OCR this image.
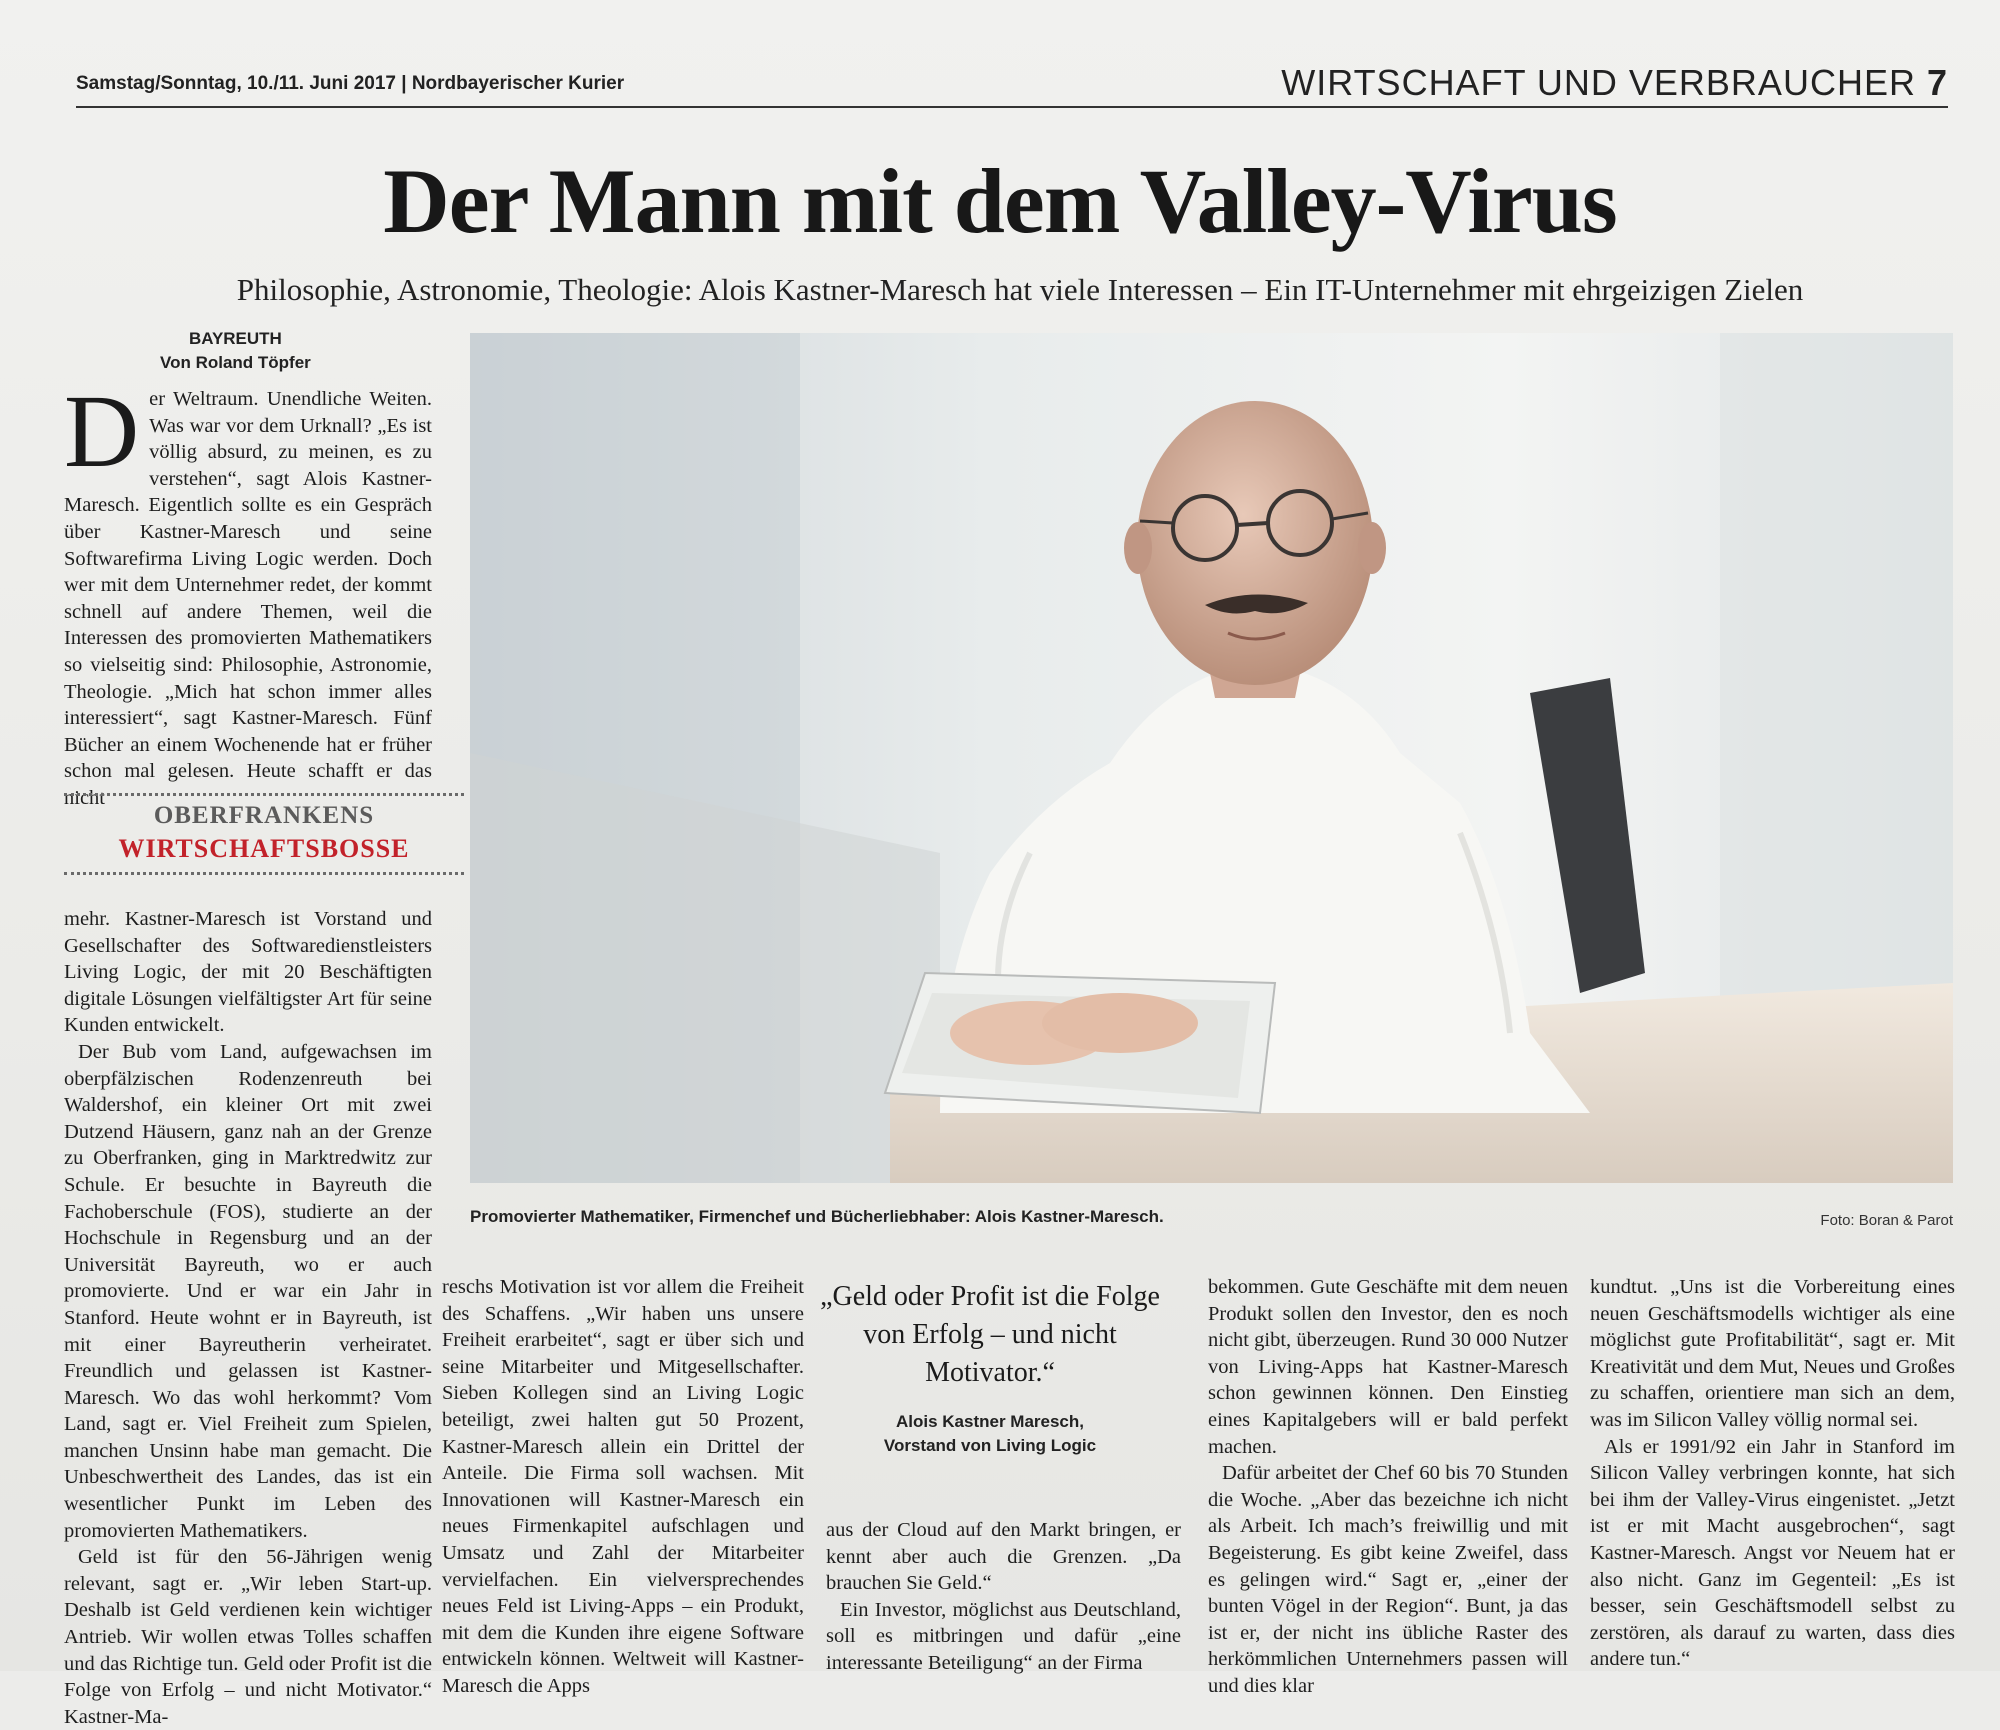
Samstag/Sonntag, 10./11. Juni 2017 | Nordbayerischer Kurier	WIRTSCHAFT UND VERBRAUCHER 7
Der Mann mit dem Valley-Virus
Philosophie, Astronomie, Theologie: Alois Kastner-Maresch hat viele Interessen – Ein IT-Unternehmer mit ehrgeizigen Zielen
BAYREUTH
Von Roland Töpfer
Der Weltraum. Unendliche Weiten. Was war vor dem Urknall? „Es ist völlig absurd, zu meinen, es zu verstehen“, sagt Alois Kastner-Maresch. Eigentlich sollte es ein Gespräch über Kastner-Maresch und seine Softwarefirma Living Logic werden. Doch wer mit dem Unternehmer redet, der kommt schnell auf andere Themen, weil die Interessen des promovierten Mathematikers so vielseitig sind: Philosophie, Astronomie, Theologie. „Mich hat schon immer alles interessiert“, sagt Kastner-Maresch. Fünf Bücher an einem Wochenende hat er früher schon mal gelesen. Heute schafft er das nicht
OBERFRANKENS
WIRTSCHAFTSBOSSE

mehr. Kastner-Maresch ist Vorstand und Gesellschafter des Softwaredienstleisters Living Logic, der mit 20 Beschäftigten digitale Lösungen vielfältigster Art für seine Kunden entwickelt.

Der Bub vom Land, aufgewachsen im oberpfälzischen Rodenzenreuth bei Waldershof, ein kleiner Ort mit zwei Dutzend Häusern, ganz nah an der Grenze zu Oberfranken, ging in Marktredwitz zur Schule. Er besuchte in Bayreuth die Fachoberschule (FOS), studierte an der Hochschule in Regensburg und an der Universität Bayreuth, wo er auch promovierte. Und er war ein Jahr in Stanford. Heute wohnt er in Bayreuth, ist mit einer Bayreutherin verheiratet. Freundlich und gelassen ist Kastner-Maresch. Wo das wohl herkommt? Vom Land, sagt er. Viel Freiheit zum Spielen, manchen Unsinn habe man gemacht. Die Unbeschwertheit des Landes, das ist ein wesentlicher Punkt im Leben des promovierten Mathematikers.

Geld ist für den 56-Jährigen wenig relevant, sagt er. „Wir leben Start-up. Deshalb ist Geld verdienen kein wichtiger Antrieb. Wir wollen etwas Tolles schaffen und das Richtige tun. Geld oder Profit ist die Folge von Erfolg – und nicht Motivator.“ Kastner-Ma-

Promovierter Mathematiker, Firmenchef und Bücherliebhaber: Alois Kastner-Maresch.	Foto: Boran & Parot

reschs Motivation ist vor allem die Freiheit des Schaffens. „Wir haben uns unsere Freiheit erarbeitet“, sagt er über sich und seine Mitarbeiter und Mitgesellschafter. Sieben Kollegen sind an Living Logic beteiligt, zwei halten gut 50 Prozent, Kastner-Maresch allein ein Drittel der Anteile. Die Firma soll wachsen. Mit Innovationen will Kastner-Maresch ein neues Firmenkapitel aufschlagen und Umsatz und Zahl der Mitarbeiter vervielfachen. Ein vielversprechendes neues Feld ist Living-Apps – ein Produkt, mit dem die Kunden ihre eigene Software entwickeln können. Weltweit will Kastner-Maresch die Apps

„Geld oder Profit ist die Folge von Erfolg – und nicht Motivator.“
Alois Kastner Maresch,
Vorstand von Living Logic

aus der Cloud auf den Markt bringen, er kennt aber auch die Grenzen. „Da brauchen Sie Geld.“

Ein Investor, möglichst aus Deutschland, soll es mitbringen und dafür „eine interessante Beteiligung“ an der Firma

bekommen. Gute Geschäfte mit dem neuen Produkt sollen den Investor, den es noch nicht gibt, überzeugen. Rund 30 000 Nutzer von Living-Apps hat Kastner-Maresch schon gewinnen können. Den Einstieg eines Kapitalgebers will er bald perfekt machen.

Dafür arbeitet der Chef 60 bis 70 Stunden die Woche. „Aber das bezeichne ich nicht als Arbeit. Ich mach’s freiwillig und mit Begeisterung. Es gibt keine Zweifel, dass es gelingen wird.“ Sagt er, „einer der bunten Vögel in der Region“. Bunt, ja das ist er, der nicht ins übliche Raster des herkömmlichen Unternehmers passen will und dies klar

kundtut. „Uns ist die Vorbereitung eines neuen Geschäftsmodells wichtiger als eine möglichst gute Profitabilität“, sagt er. Mit Kreativität und dem Mut, Neues und Großes zu schaffen, orientiere man sich an dem, was im Silicon Valley völlig normal sei.

Als er 1991/92 ein Jahr in Stanford im Silicon Valley verbringen konnte, hat sich bei ihm der Valley-Virus eingenistet. „Jetzt ist er mit Macht ausgebrochen“, sagt Kastner-Maresch. Angst vor Neuem hat er also nicht. Ganz im Gegenteil: „Es ist besser, sein Geschäftsmodell selbst zu zerstören, als darauf zu warten, dass dies andere tun.“
